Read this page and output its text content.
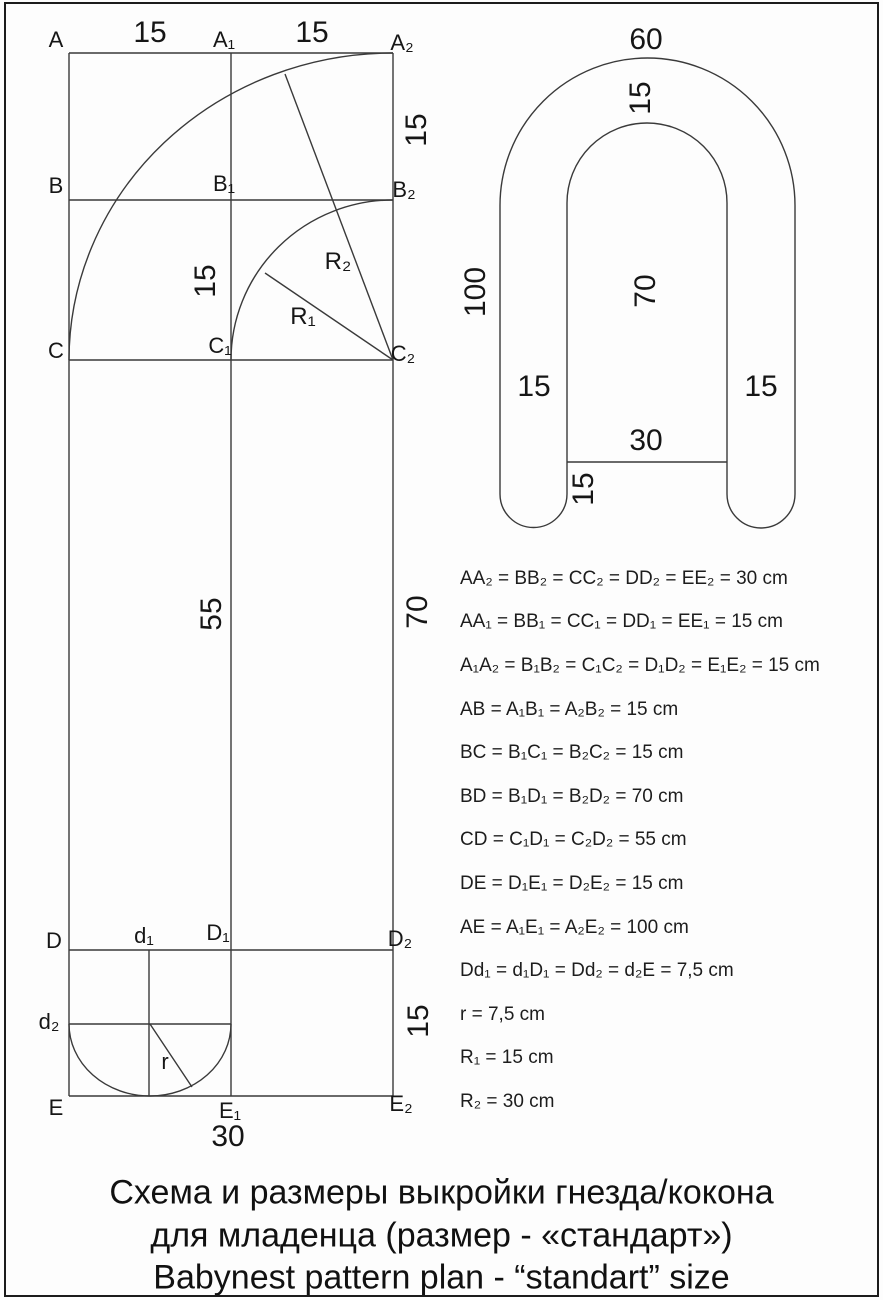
A	A₁	A₂
B	B₁	B₂
C	C₁	C₂
D	d₁ D₁	D₂
d₂
E	E₁	E₂
15	15
15
15
55	70
15
30
R₂
R₁
r
60
15
100	70
15	15
30
15
AA₂ = BB₂ = CC₂ = DD₂ = EE₂ = 30 cm
AA₁ = BB₁ = CC₁ = DD₁ = EE₁ = 15 cm
A₁A₂ = B₁B₂ = C₁C₂ = D₁D₂ = E₁E₂ = 15 cm
AB = A₁B₁ = A₂B₂ = 15 cm
BC = B₁C₁ = B₂C₂ = 15 cm
BD = B₁D₁ = B₂D₂ = 70 cm
CD = C₁D₁ = C₂D₂ = 55 cm
DE = D₁E₁ = D₂E₂ = 15 cm
AE = A₁E₁ = A₂E₂ = 100 cm
Dd₁ = d₁D₁ = Dd₂ = d₂E = 7,5 cm
r = 7,5 cm
R₁ = 15 cm
R₂ = 30 cm
Схема и размеры выкройки гнезда/кокона
для младенца (размер - «стандарт»)
Babynest pattern plan - “standart” size
